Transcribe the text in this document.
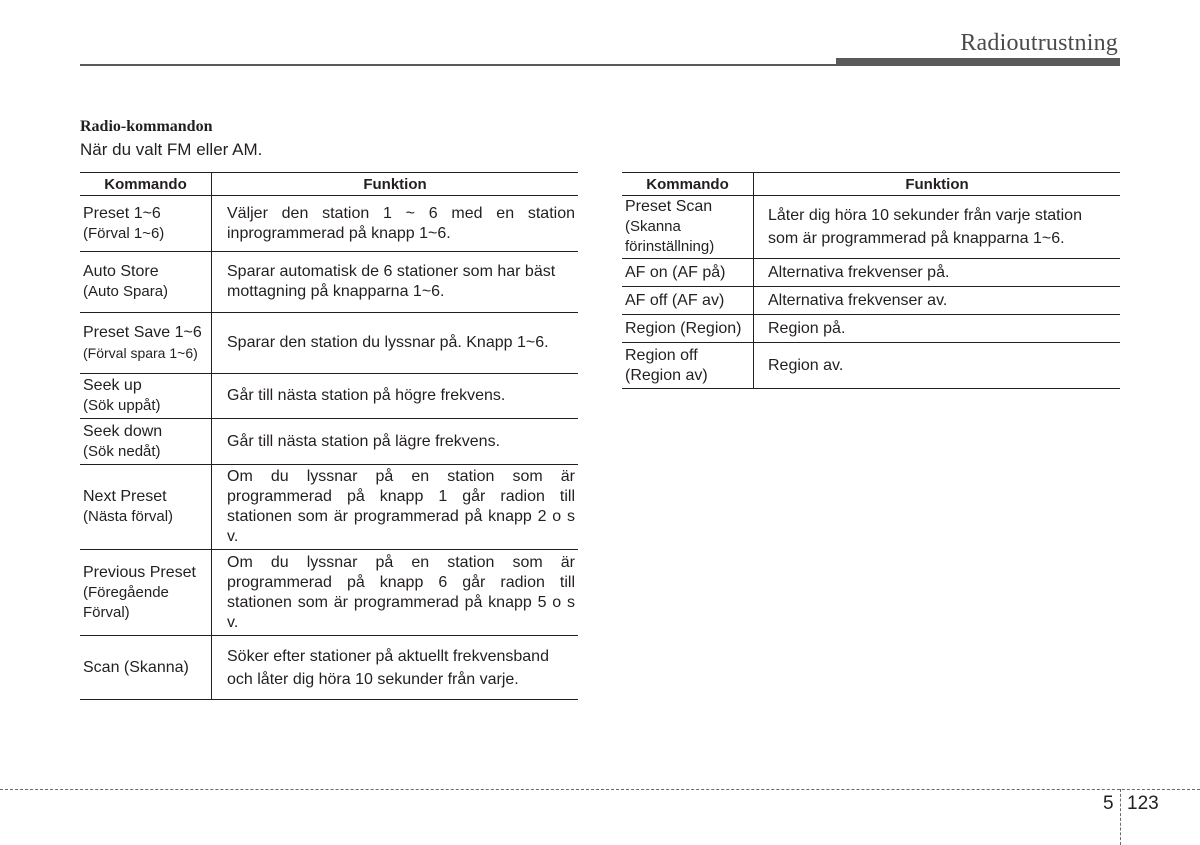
Radioutrustning
Radio-kommandon
När du valt FM eller AM.
Kommando	Funktion

Preset 1~6
(Förval 1~6)	Väljer den station 1 ~ 6 med en station inprogrammerad på knapp 1~6.

Auto Store
(Auto Spara)	Sparar automatisk de 6 stationer som har bäst mottagning på knapparna 1~6.

Preset Save 1~6
(Förval spara 1~6)	Sparar den station du lyssnar på. Knapp 1~6.

Seek up
(Sök uppåt)	Går till nästa station på högre frekvens.

Seek down
(Sök nedåt)	Går till nästa station på lägre frekvens.

Next Preset
(Nästa förval)	Om du lyssnar på en station som är programmerad på knapp 1 går radion till stationen som är programmerad på knapp 2 o s v.

Previous Preset
(Föregående
Förval)	Om du lyssnar på en station som är programmerad på knapp 6 går radion till stationen som är programmerad på knapp 5 o s v.

Scan (Skanna)	Söker efter stationer på aktuellt frekvensband och låter dig höra 10 sekunder från varje.
Kommando	Funktion

Preset Scan
(Skanna
förinställning)	Låter dig höra 10 sekunder från varje station som är programmerad på knapparna 1~6.

AF on (AF på)	Alternativa frekvenser på.

AF off (AF av)	Alternativa frekvenser av.

Region (Region)	Region på.

Region off
(Region av)	Region av.
5 123
